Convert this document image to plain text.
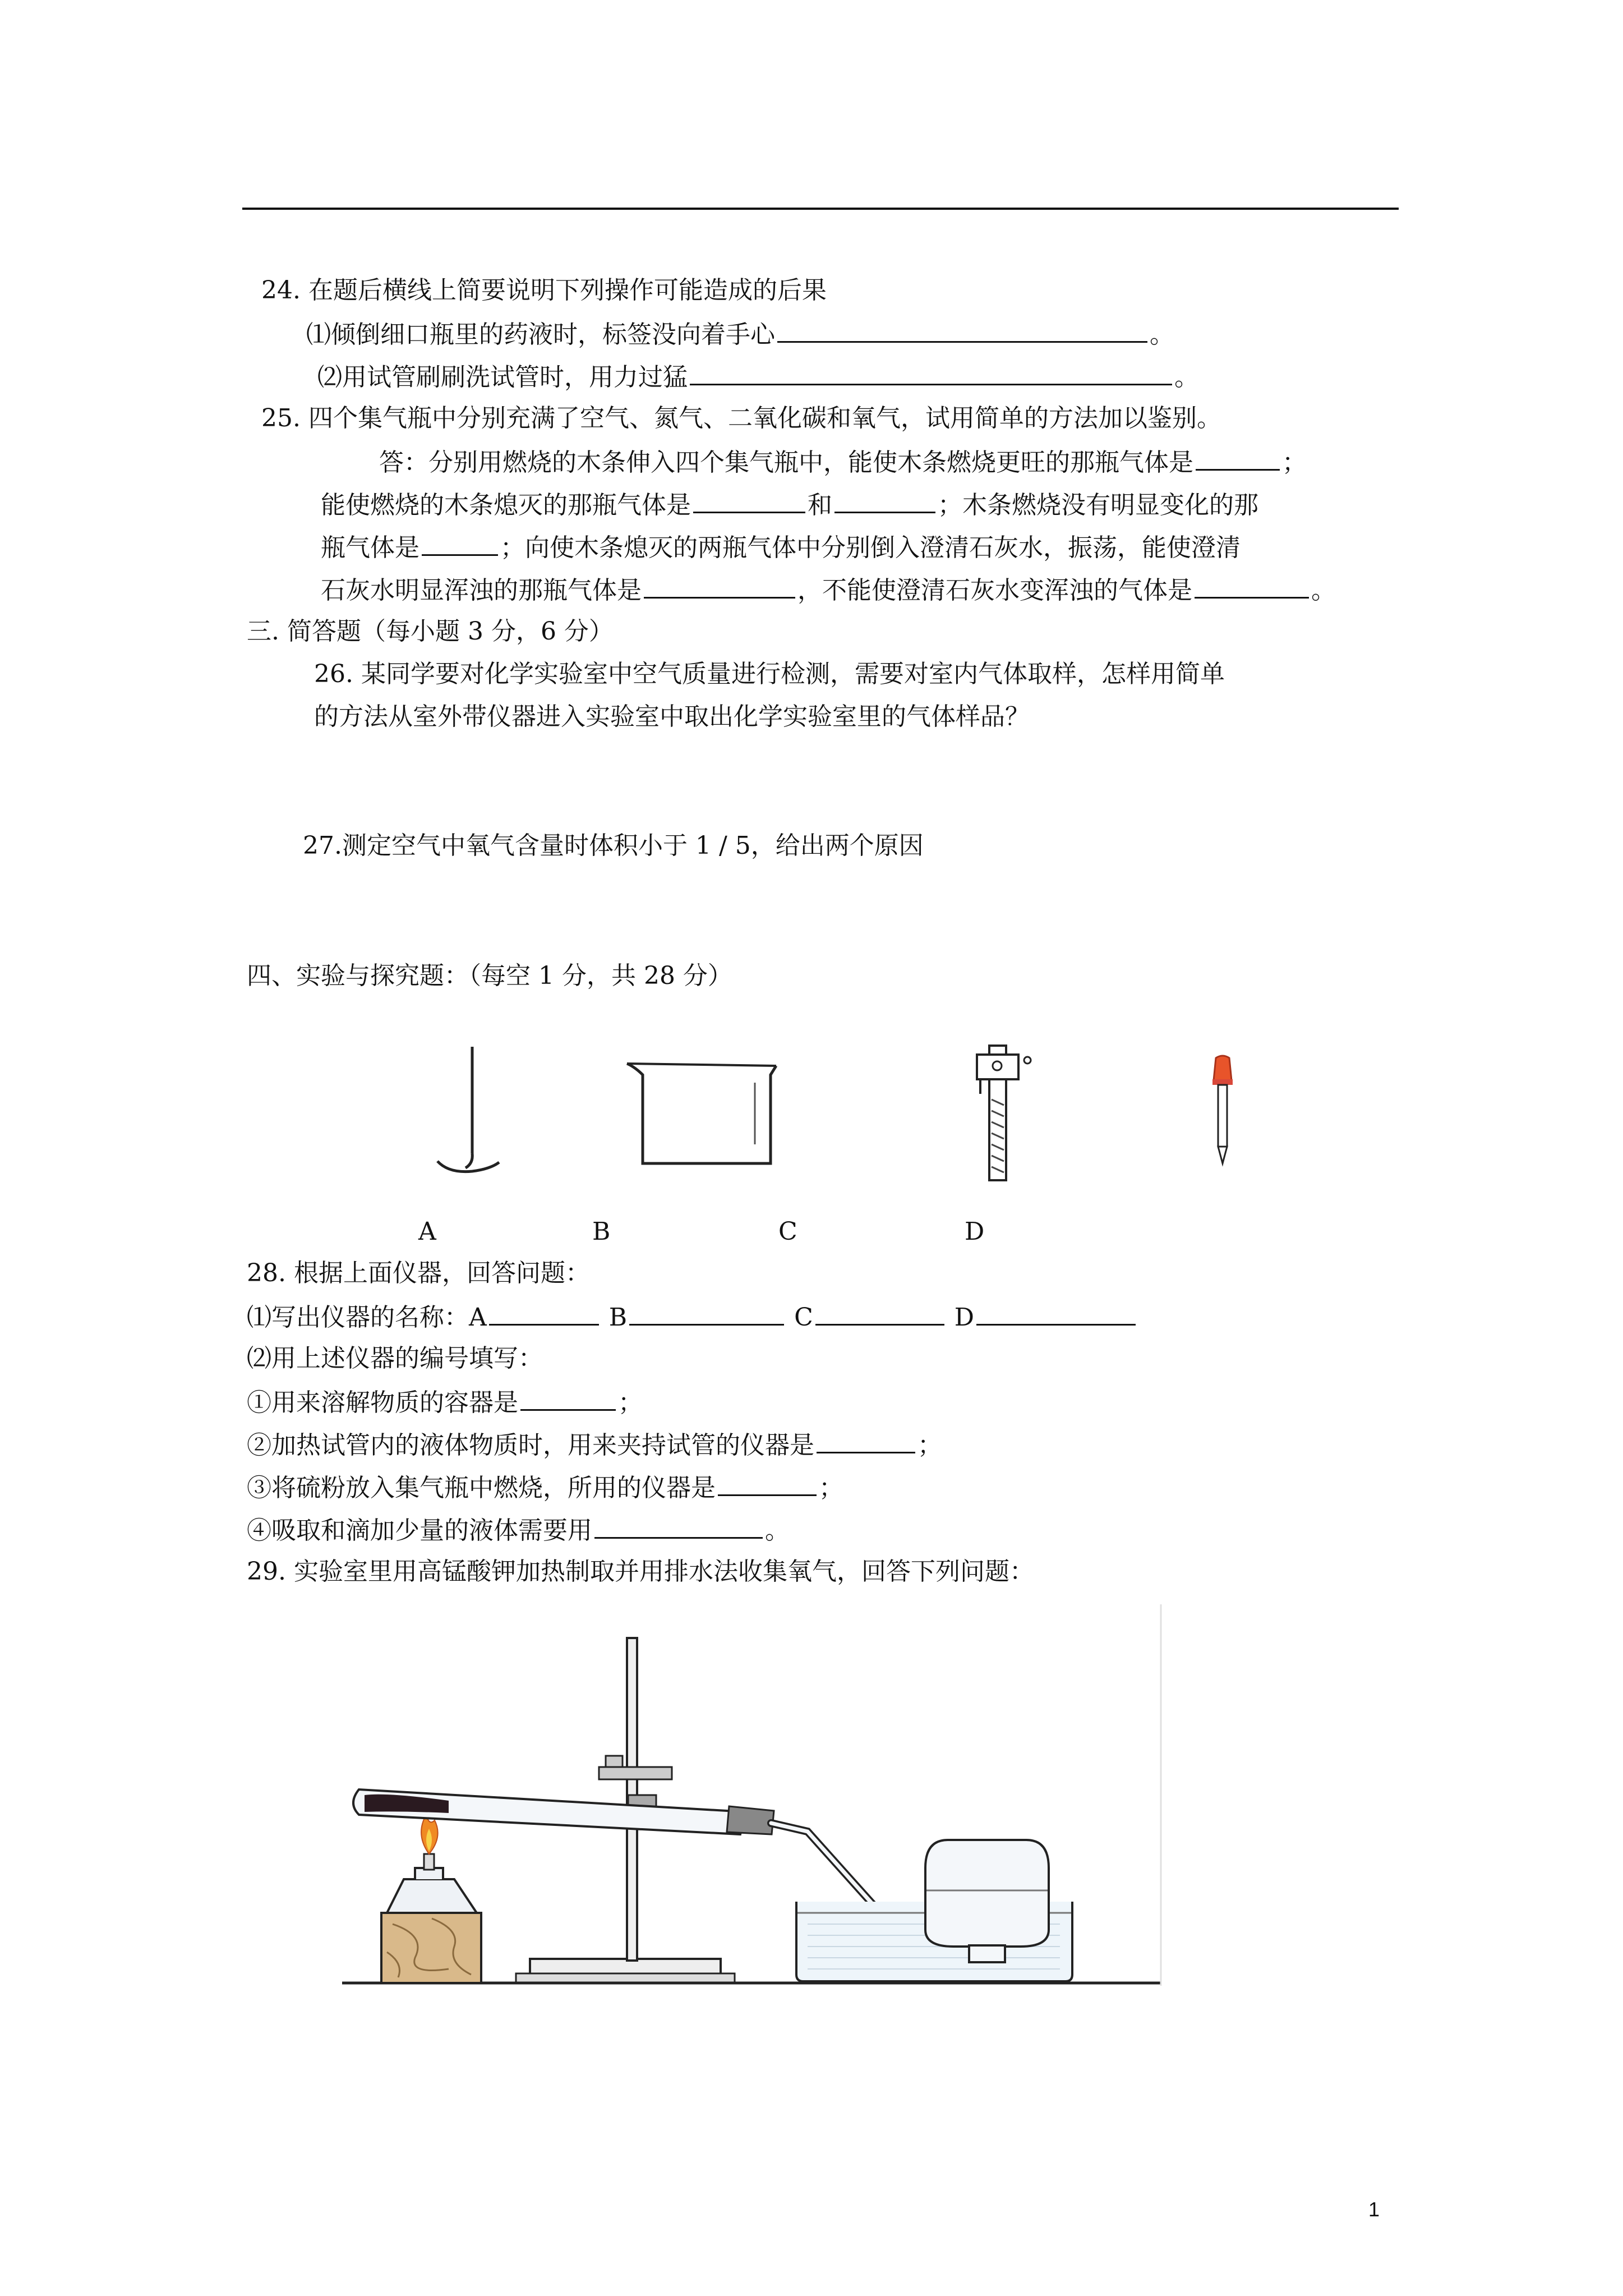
24. 在题后横线上简要说明下列操作可能造成的后果
⑴倾倒细口瓶里的药液时，标签没向着手心	。
⑵用试管刷刷洗试管时，用力过猛	。
25. 四个集气瓶中分别充满了空气、氮气、二氧化碳和氧气，试用简单的方法加以鉴别。
答：分别用燃烧的木条伸入四个集气瓶中，能使木条燃烧更旺的那瓶气体是	；
能使燃烧的木条熄灭的那瓶气体是	和	；木条燃烧没有明显变化的那
瓶气体是	；向使木条熄灭的两瓶气体中分别倒入澄清石灰水，振荡，能使澄清
石灰水明显浑浊的那瓶气体是	，不能使澄清石灰水变浑浊的气体是	。
三. 简答题（每小题 3 分，6 分）
26. 某同学要对化学实验室中空气质量进行检测，需要对室内气体取样，怎样用简单
的方法从室外带仪器进入实验室中取出化学实验室里的气体样品？
27.测定空气中氧气含量时体积小于 1 / 5，给出两个原因
四、实验与探究题：（每空 1 分，共 28 分）
A	B	C	D
28. 根据上面仪器，回答问题：
⑴写出仪器的名称：A	B	C	D
⑵用上述仪器的编号填写：
①用来溶解物质的容器是	；
②加热试管内的液体物质时，用来夹持试管的仪器是	；
③将硫粉放入集气瓶中燃烧，所用的仪器是	；
④吸取和滴加少量的液体需要用	。
29. 实验室里用高锰酸钾加热制取并用排水法收集氧气，回答下列问题：
1
